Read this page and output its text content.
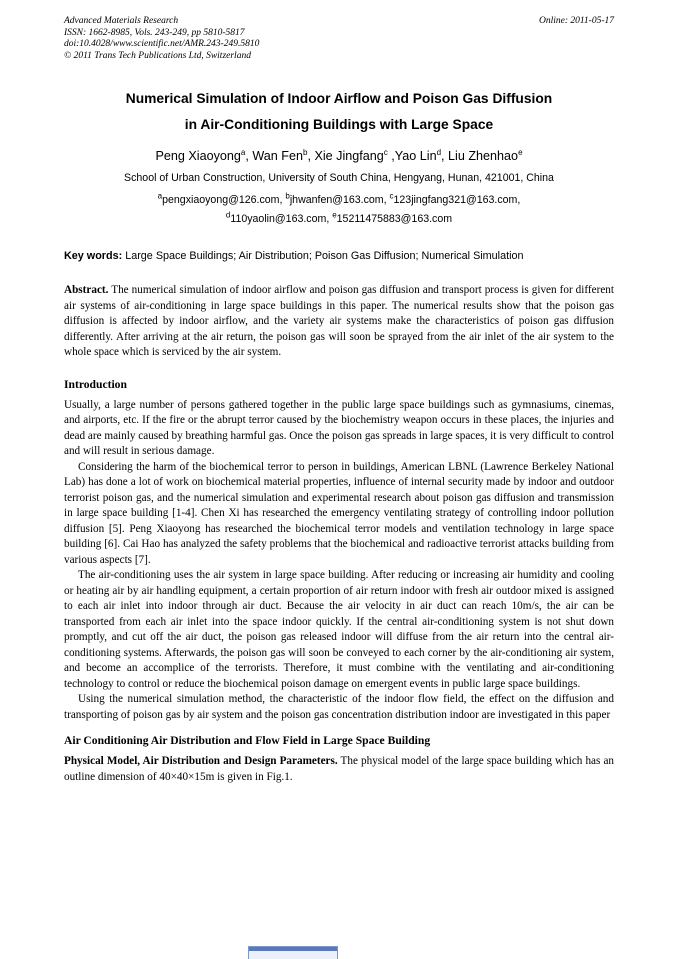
Advanced Materials Research
ISSN: 1662-8985, Vols. 243-249, pp 5810-5817
doi:10.4028/www.scientific.net/AMR.243-249.5810
© 2011 Trans Tech Publications Ltd, Switzerland
Online: 2011-05-17
Numerical Simulation of Indoor Airflow and Poison Gas Diffusion
in Air-Conditioning Buildings with Large Space

Peng Xiaoyong$^a$, Wan Fen$^b$, Xie Jingfang$^c$ ,Yao Lin$^d$, Liu Zhenhao$^e$

School of Urban Construction, University of South China, Hengyang, Hunan, 421001, China

$^a$pengxiaoyong@126.com, $^b$jhwanfen@163.com, $^c$123jingfang321@163.com,
$^d$110yaolin@163.com, $^e$15211475883@163.com

Key words: Large Space Buildings; Air Distribution; Poison Gas Diffusion; Numerical Simulation

Abstract. The numerical simulation of indoor airflow and poison gas diffusion and transport process is given for different air systems of air-conditioning in large space buildings in this paper. The numerical results show that the poison gas diffusion is affected by indoor airflow, and the variety air systems make the characteristics of poison gas diffusion differently. After arriving at the air return, the poison gas will soon be sprayed from the air inlet of the air system to the whole space which is serviced by the air system.

Introduction

Usually, a large number of persons gathered together in the public large space buildings such as gymnasiums, cinemas, and airports, etc. If the fire or the abrupt terror caused by the biochemistry weapon occurs in these places, the injuries and dead are mainly caused by breathing harmful gas. Once the poison gas spreads in large spaces, it is very difficult to control and will result in serious damage.

Considering the harm of the biochemical terror to person in buildings, American LBNL (Lawrence Berkeley National Lab) has done a lot of work on biochemical material properties, influence of internal security made by indoor and outdoor terrorist poison gas, and the numerical simulation and experimental research about poison gas diffusion and transmission in large space building [1-4]. Chen Xi has researched the emergency ventilating strategy of controlling indoor pollution diffusion [5]. Peng Xiaoyong has researched the biochemical terror models and ventilation technology in large space building [6]. Cai Hao has analyzed the safety problems that the biochemical and radioactive terrorist attacks building from various aspects [7].

The air-conditioning uses the air system in large space building. After reducing or increasing air humidity and cooling or heating air by air handling equipment, a certain proportion of air return indoor with fresh air outdoor mixed is assigned to each air inlet into indoor through air duct. Because the air velocity in air duct can reach 10m/s, the air can be transported from each air inlet into the space indoor quickly. If the central air-conditioning system is not shut down promptly, and cut off the air duct, the poison gas released indoor will diffuse from the air return into the central air-conditioning systems. Afterwards, the poison gas will soon be conveyed to each corner by the air-conditioning air system, and become an accomplice of the terrorists. Therefore, it must combine with the ventilating and air-conditioning technology to control or reduce the biochemical poison damage on emergent events in public large space buildings.

Using the numerical simulation method, the characteristic of the indoor flow field, the effect on the diffusion and transporting of poison gas by air system and the poison gas concentration distribution indoor are investigated in this paper

Air Conditioning Air Distribution and Flow Field in Large Space Building

Physical Model, Air Distribution and Design Parameters. The physical model of the large space building which has an outline dimension of 40×40×15m is given in Fig.1.
